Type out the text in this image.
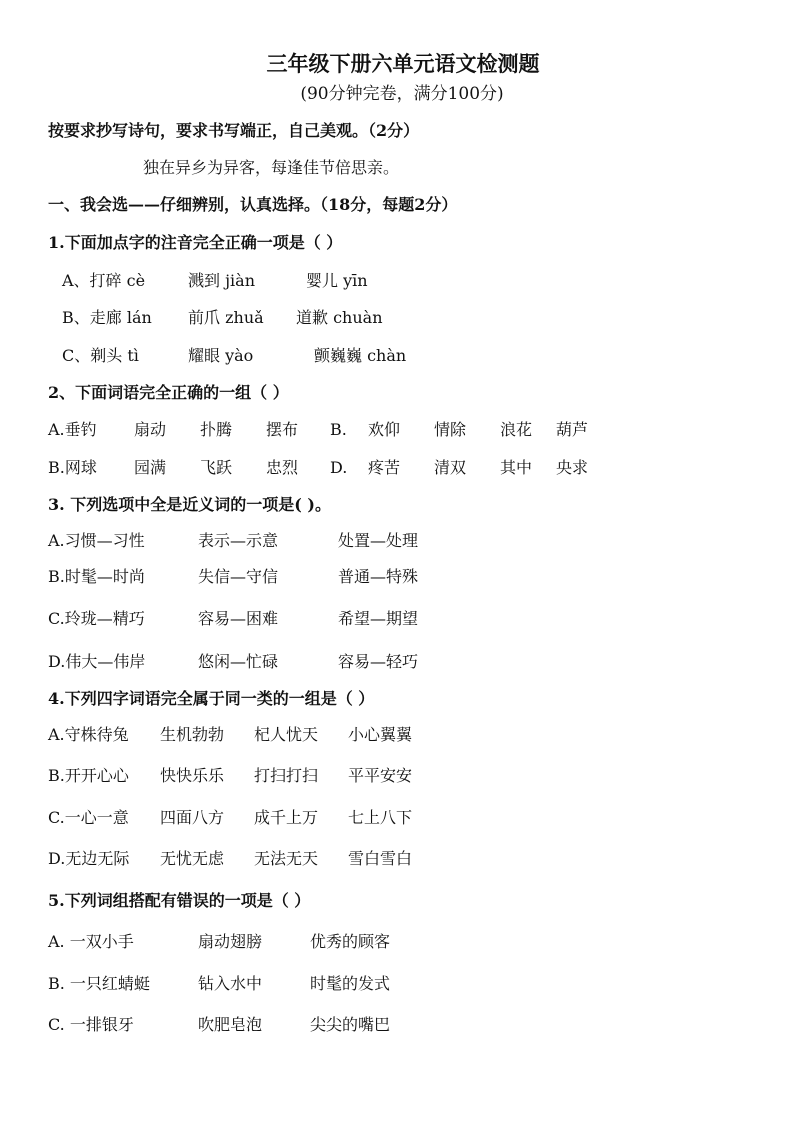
三年级下册六单元语文检测题
(90分钟完卷，满分100分)
按要求抄写诗句，要求书写端正，自己美观。（2分）
独在异乡为异客，每逢佳节倍思亲。
一、我会选——仔细辨别，认真选择。（18分，每题2分）
1.下面加点字的注音完全正确一项是（ ）
A、打碎 cè	溅到 jiàn	婴儿 yīn
B、走廊 lán 前爪 zhuǎ 道歉 chuàn
C、剃头 tì	耀眼 yào	颤巍巍 chàn
2、下面词语完全正确的一组（ ）
A.垂钓 扇动 扑腾 摆布 B. 欢仰 情除 浪花 葫芦
B.网球 园满 飞跃 忠烈 D. 疼苦 清双 其中 央求
3. 下列选项中全是近义词的一项是( )。
A.习惯—习性	表示—示意	处置—处理
B.时髦—时尚	失信—守信	普通—特殊
C.玲珑—精巧	容易—困难	希望—期望
D.伟大—伟岸	悠闲—忙碌	容易—轻巧
4.下列四字词语完全属于同一类的一组是（ ）
A.守株待兔 生机勃勃 杞人忧天 小心翼翼
B.开开心心 快快乐乐 打扫打扫 平平安安
C.一心一意 四面八方 成千上万 七上八下
D.无边无际 无忧无虑 无法无天 雪白雪白
5.下列词组搭配有错误的一项是（ ）
A. 一双小手	扇动翅膀	优秀的顾客
B. 一只红蜻蜓	钻入水中	时髦的发式
C. 一排银牙	吹肥皂泡	尖尖的嘴巴
